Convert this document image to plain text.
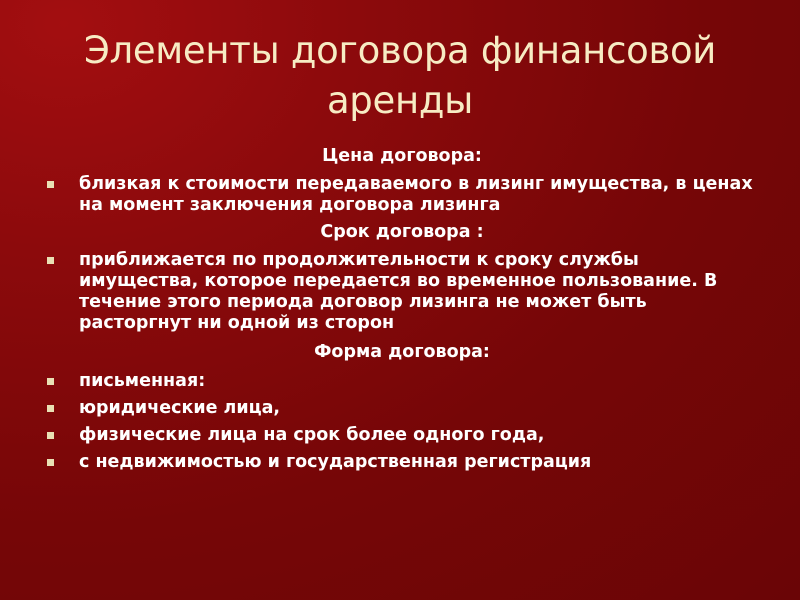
Элементы договора финансовой аренды

Цена договора:

близкая к стоимости передаваемого в лизинг имущества, в ценах на момент заключения договора лизинга

Срок договора :

приближается по продолжительности к сроку службы имущества, которое передается во временное пользование. В течение этого периода договор лизинга не может быть расторгнут ни одной из сторон

Форма договора:

письменная:

юридические лица,

физические лица на срок более одного года,

с недвижимостью и государственная регистрация
